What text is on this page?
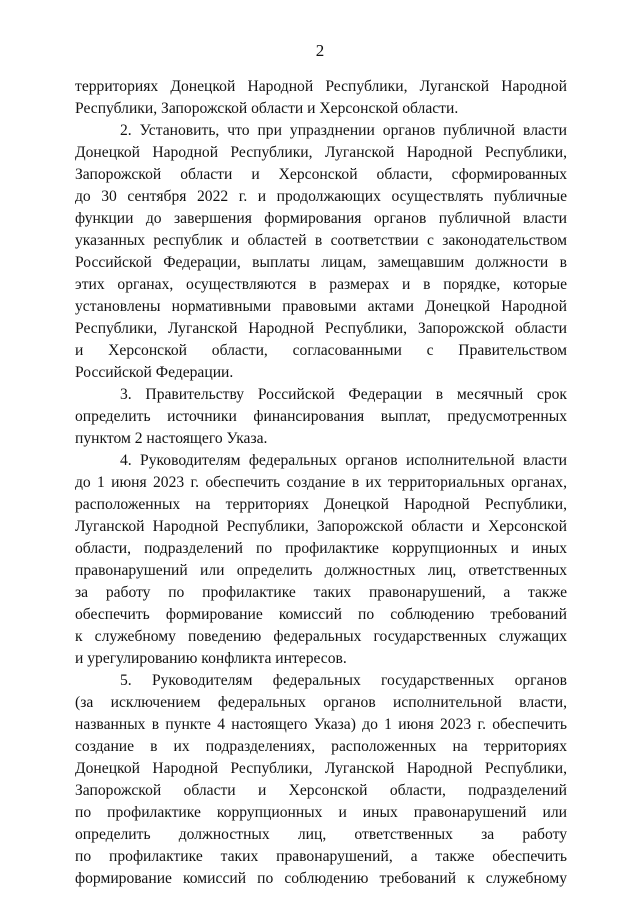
2
территориях Донецкой Народной Республики, Луганской Народной
Республики, Запорожской области и Херсонской области.
2. Установить, что при упразднении органов публичной власти
Донецкой Народной Республики, Луганской Народной Республики,
Запорожской области и Херсонской области, сформированных
до 30 сентября 2022 г. и продолжающих осуществлять публичные
функции до завершения формирования органов публичной власти
указанных республик и областей в соответствии с законодательством
Российской Федерации, выплаты лицам, замещавшим должности в
этих органах, осуществляются в размерах и в порядке, которые
установлены нормативными правовыми актами Донецкой Народной
Республики, Луганской Народной Республики, Запорожской области
и Херсонской области, согласованными с Правительством
Российской Федерации.
3. Правительству Российской Федерации в месячный срок
определить источники финансирования выплат, предусмотренных
пунктом 2 настоящего Указа.
4. Руководителям федеральных органов исполнительной власти
до 1 июня 2023 г. обеспечить создание в их территориальных органах,
расположенных на территориях Донецкой Народной Республики,
Луганской Народной Республики, Запорожской области и Херсонской
области, подразделений по профилактике коррупционных и иных
правонарушений или определить должностных лиц, ответственных
за работу по профилактике таких правонарушений, а также
обеспечить формирование комиссий по соблюдению требований
к служебному поведению федеральных государственных служащих
и урегулированию конфликта интересов.
5. Руководителям федеральных государственных органов
(за исключением федеральных органов исполнительной власти,
названных в пункте 4 настоящего Указа) до 1 июня 2023 г. обеспечить
создание в их подразделениях, расположенных на территориях
Донецкой Народной Республики, Луганской Народной Республики,
Запорожской области и Херсонской области, подразделений
по профилактике коррупционных и иных правонарушений или
определить должностных лиц, ответственных за работу
по профилактике таких правонарушений, а также обеспечить
формирование комиссий по соблюдению требований к служебному
